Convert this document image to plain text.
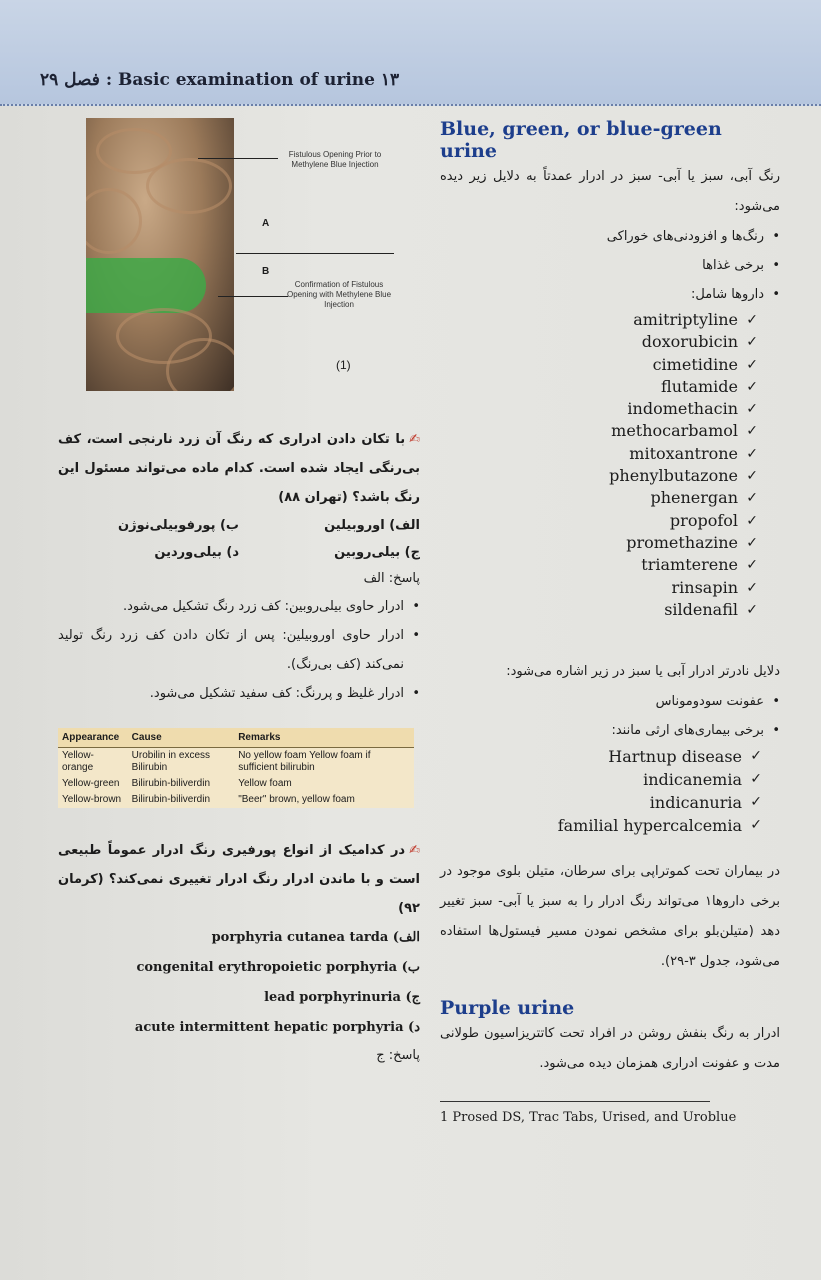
فصل ۲۹ : Basic examination of urine ۱۳
Fistulous Opening Prior to Methylene Blue Injection
A
B
Confirmation of Fistulous Opening with Methylene Blue Injection
(1)
✍با تکان دادن ادراری که رنگ آن زرد نارنجی است، کف بی‌رنگی ایجاد شده است. کدام ماده می‌تواند مسئول این رنگ باشد؟ (تهران ۸۸)
الف) اوروبیلین
ب) پورفوبیلی‌نوژن
ج) بیلی‌روبین
د) بیلی‌وردین
پاسخ: الف
• ادرار حاوی بیلی‌روبین: کف زرد رنگ تشکیل می‌شود.
• ادرار حاوی اوروبیلین: پس از تکان دادن کف زرد رنگ تولید نمی‌کند (کف بی‌رنگ).
• ادرار غلیظ و پررنگ: کف سفید تشکیل می‌شود.
Appearance	Cause	Remarks
Yellow-orange	Urobilin in excess Bilirubin	No yellow foam Yellow foam if sufficient bilirubin
Yellow-green	Bilirubin-biliverdin	Yellow foam
Yellow-brown	Bilirubin-biliverdin	"Beer" brown, yellow foam
✍در کدامیک از انواع پورفیری رنگ ادرار عموماً طبیعی است و با ماندن ادرار رنگ ادرار تغییری نمی‌کند؟ (کرمان ۹۲)
الف) porphyria cutanea tarda
ب) congenital erythropoietic porphyria
ج) lead porphyrinuria
د) acute intermittent hepatic porphyria
پاسخ: ج
Blue, green, or blue-green urine
رنگ آبی، سبز یا آبی- سبز در ادرار عمدتاً به دلایل زیر دیده می‌شود:
• رنگ‌ها و افزودنی‌های خوراکی
• برخی غذاها
• داروها شامل:
amitriptyline ✓
doxorubicin ✓
cimetidine ✓
flutamide ✓
indomethacin ✓
methocarbamol ✓
mitoxantrone ✓
phenylbutazone ✓
phenergan ✓
propofol ✓
promethazine ✓
triamterene ✓
rinsapin ✓
sildenafil ✓
دلایل نادرتر ادرار آبی یا سبز در زیر اشاره می‌شود:
• عفونت سودوموناس
• برخی بیماری‌های ارثی مانند:
Hartnup disease ✓
indicanemia ✓
indicanuria ✓
familial hypercalcemia ✓
در بیماران تحت کموتراپی برای سرطان، متیلن بلوی موجود در برخی داروها۱ می‌تواند رنگ ادرار را به سبز یا آبی- سبز تغییر دهد (متیلن‌بلو برای مشخص نمودن مسیر فیستول‌ها استفاده می‌شود، جدول ۳-۲۹).
Purple urine
ادرار به رنگ بنفش روشن در افراد تحت کاتتریزاسیون طولانی مدت و عفونت ادراری همزمان دیده می‌شود.
1 Prosed DS, Trac Tabs, Urised, and Uroblue
